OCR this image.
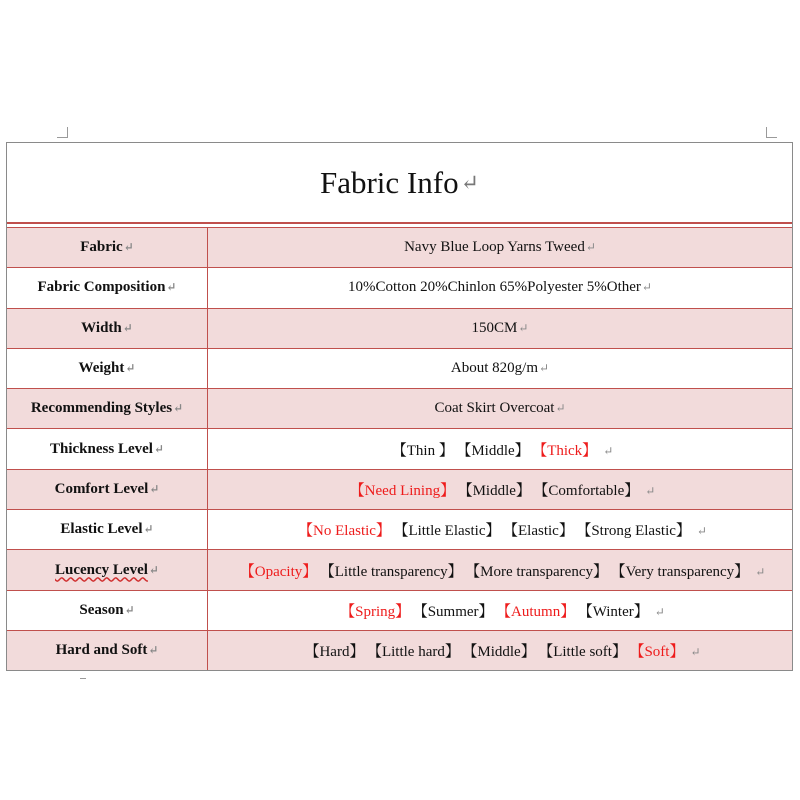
Fabric Info ↵
Fabric↵	Navy Blue Loop Yarns Tweed↵
Fabric Composition↵	10%Cotton 20%Chinlon 65%Polyester 5%Other↵
Width↵	150CM↵
Weight↵	About 820g/m↵
Recommending Styles↵	Coat Skirt Overcoat↵
Thickness Level↵	【Thin 】 【Middle】 【Thick】 ↵
Comfort Level↵	【Need Lining】 【Middle】 【Comfortable】 ↵
Elastic Level↵	【No Elastic】 【Little Elastic】 【Elastic】 【Strong Elastic】 ↵
Lucency Level↵	【Opacity】 【Little transparency】 【More transparency】 【Very transparency】 ↵
Season↵	【Spring】 【Summer】 【Autumn】 【Winter】 ↵
Hard and Soft↵	【Hard】 【Little hard】 【Middle】 【Little soft】 【Soft】 ↵
